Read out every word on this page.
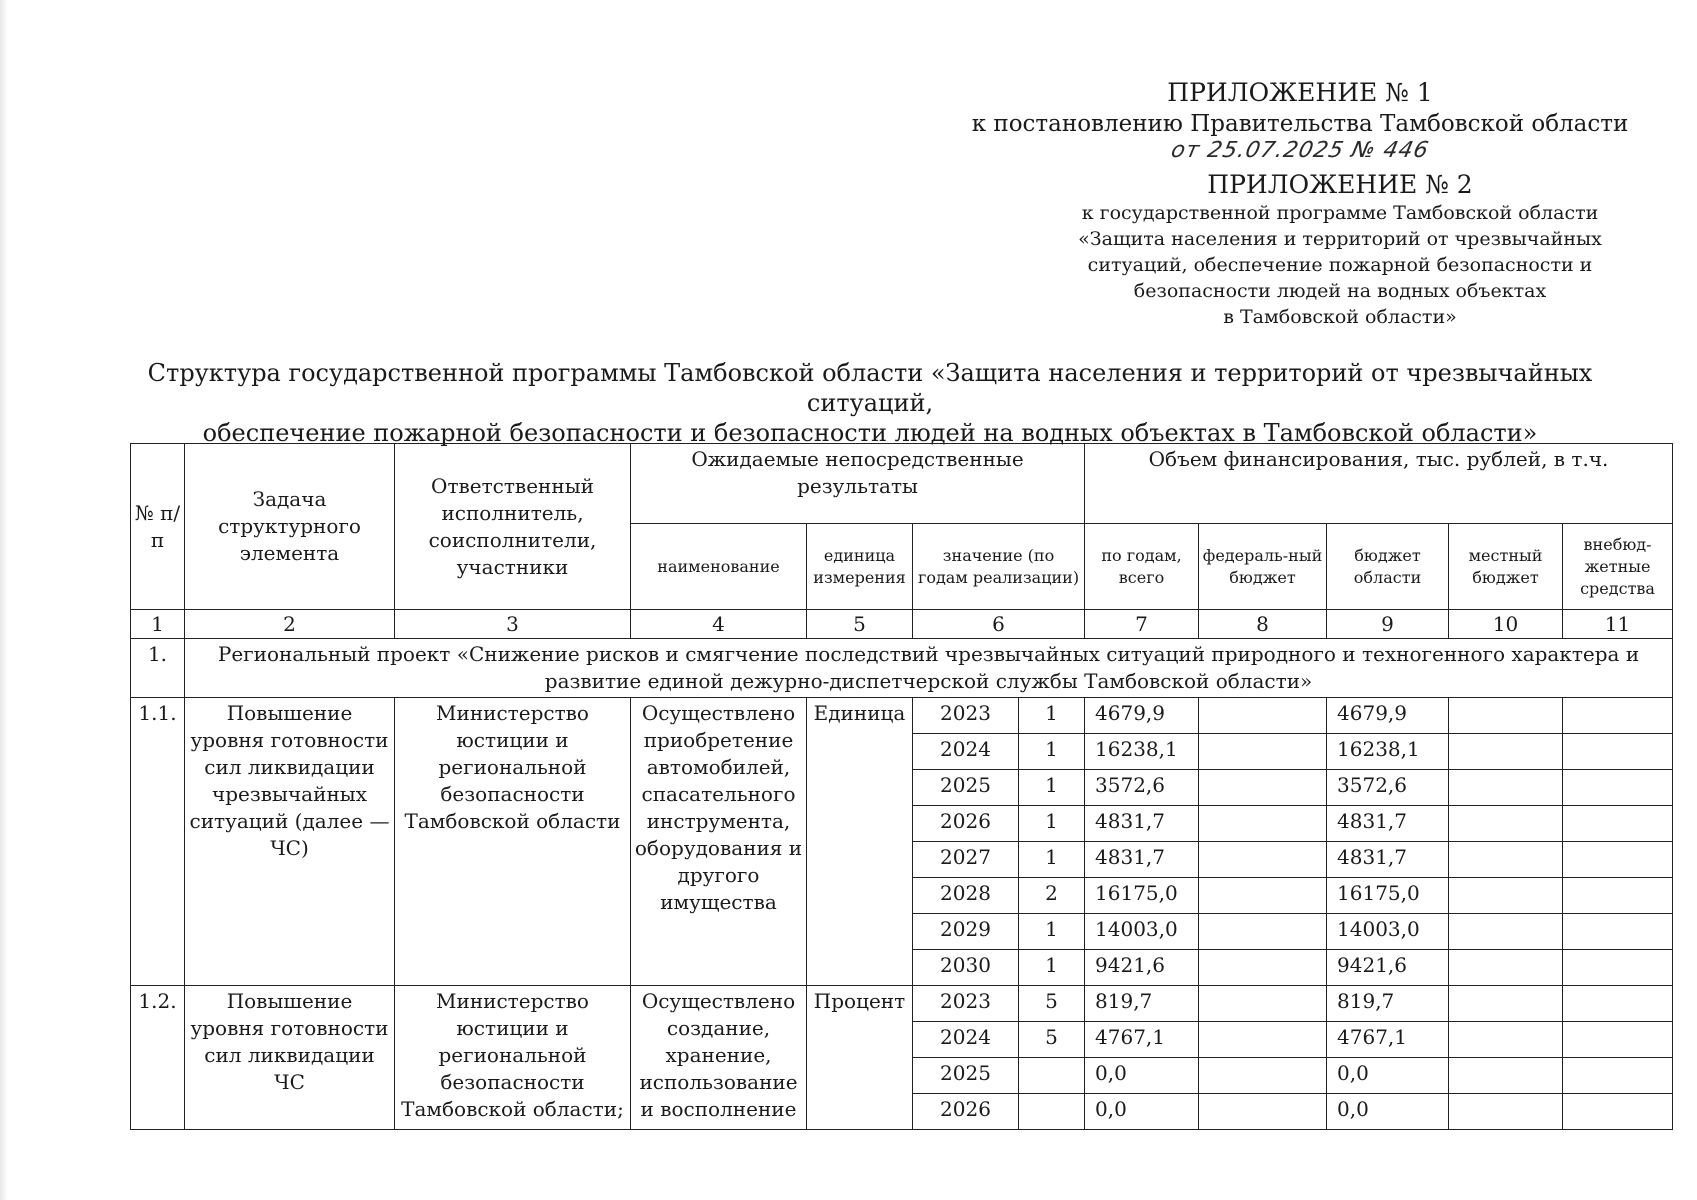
ПРИЛОЖЕНИЕ № 1
к постановлению Правительства Тамбовской области
от 25.07.2025 № 446
ПРИЛОЖЕНИЕ № 2
к государственной программе Тамбовской области
«Защита населения и территорий от чрезвычайных
ситуаций, обеспечение пожарной безопасности и
безопасности людей на водных объектах
в Тамбовской области»
Структура государственной программы Тамбовской области «Защита населения и территорий от чрезвычайных ситуаций,
обеспечение пожарной безопасности и безопасности людей на водных объектах в Тамбовской области»
№ п/п	Задача структурного элемента	Ответственный исполнитель, соисполнители, участники	Ожидаемые непосредственные результаты				Объем финансирования, тыс. рублей, в т.ч.				
			наименование	единица измерения	значение (по годам реализации)		по годам, всего	федераль-ный бюджет	бюджет области	местный бюджет	внебюд-жетные средства
1	2	3	4	5	6		7	8	9	10	11
1.	Региональный проект «Снижение рисков и смягчение последствий чрезвычайных ситуаций природного и техногенного характера и развитие единой дежурно-диспетчерской службы Тамбовской области»										
1.1.	Повышение уровня готовности сил ликвидации чрезвычайных ситуаций (далее — ЧС)	Министерство юстиции и региональной безопасности Тамбовской области	Осуществлено приобретение автомобилей, спасательного инструмента, оборудования и другого имущества	Единица	2023	1	4679,9		4679,9		
					2024	1	16238,1		16238,1		
					2025	1	3572,6		3572,6		
					2026	1	4831,7		4831,7		
					2027	1	4831,7		4831,7		
					2028	2	16175,0		16175,0		
					2029	1	14003,0		14003,0		
					2030	1	9421,6		9421,6		
1.2.	Повышение уровня готовности сил ликвидации ЧС	Министерство юстиции и региональной безопасности Тамбовской области;	Осуществлено создание, хранение, использование и восполнение	Процент	2023	5	819,7		819,7		
					2024	5	4767,1		4767,1		
					2025		0,0		0,0		
					2026		0,0		0,0		
